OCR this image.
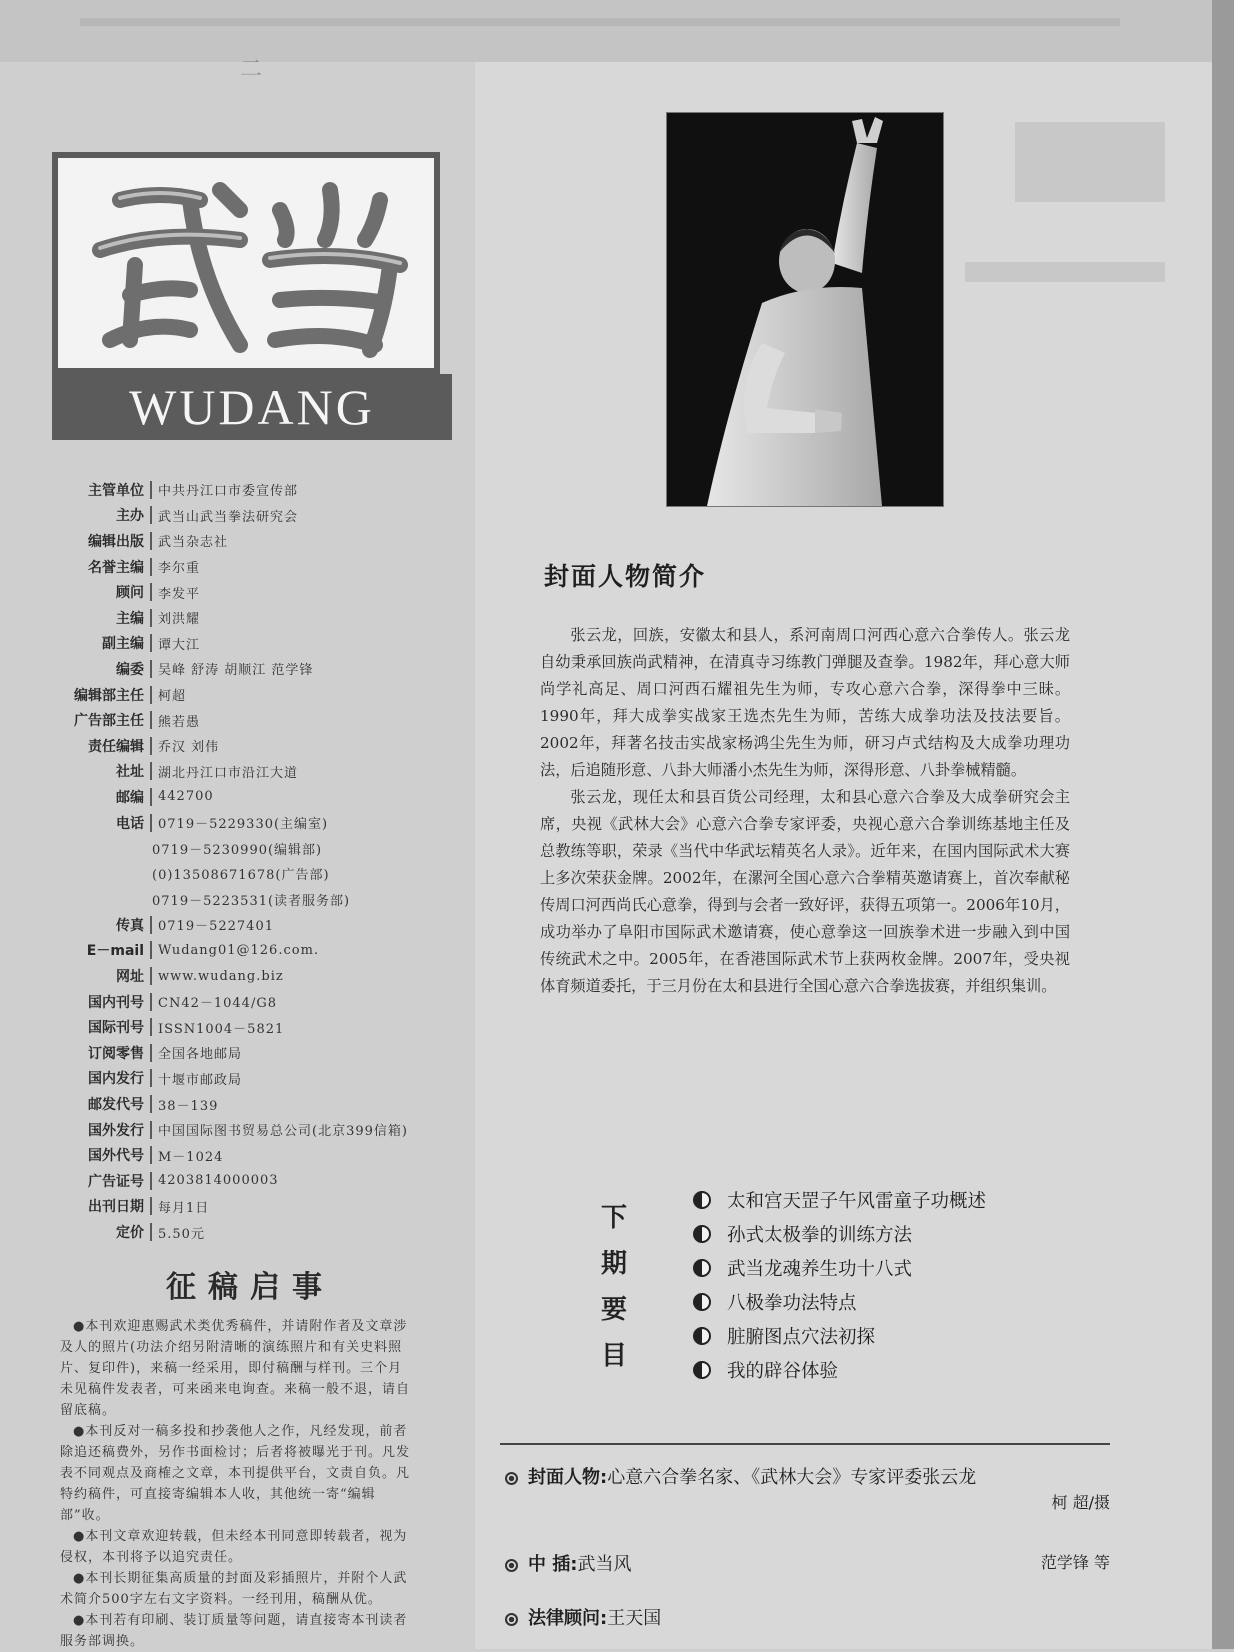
二
WUDANG
主管单位 中共丹江口市委宣传部
主办 武当山武当拳法研究会
编辑出版 武当杂志社
名誉主编 李尔重
顾问 李发平
主编 刘洪耀
副主编 谭大江
编委 吴峰 舒涛 胡顺江 范学锋
编辑部主任 柯超
广告部主任 熊若愚
责任编辑 乔汉 刘伟
社址 湖北丹江口市沿江大道
邮编 442700
电话 0719－5229330(主编室)
0719－5230990(编辑部)
(0)13508671678(广告部)
0719－5223531(读者服务部)
传真 0719－5227401
E－mail Wudang01@126.com.
网址 www.wudang.biz
国内刊号 CN42－1044/G8
国际刊号 ISSN1004－5821
订阅零售 全国各地邮局
国内发行 十堰市邮政局
邮发代号 38－139
国外发行 中国国际图书贸易总公司(北京399信箱)
国外代号 M－1024
广告证号 4203814000003
出刊日期 每月1日
定价 5.50元
征稿启事

●本刊欢迎惠赐武术类优秀稿件，并请附作者及文章涉及人的照片(功法介绍另附清晰的演练照片和有关史料照片、复印件)，来稿一经采用，即付稿酬与样刊。三个月未见稿件发表者，可来函来电询查。来稿一般不退，请自留底稿。

●本刊反对一稿多投和抄袭他人之作，凡经发现，前者除追还稿费外，另作书面检讨；后者将被曝光于刊。凡发表不同观点及商榷之文章，本刊提供平台，文责自负。凡特约稿件，可直接寄编辑本人收，其他统一寄“编辑部”收。

●本刊文章欢迎转载，但未经本刊同意即转载者，视为侵权，本刊将予以追究责任。

●本刊长期征集高质量的封面及彩插照片，并附个人武术简介500字左右文字资料。一经刊用，稿酬从优。

●本刊若有印刷、装订质量等问题，请直接寄本刊读者服务部调换。

封面人物简介

张云龙，回族，安徽太和县人，系河南周口河西心意六合拳传人。张云龙自幼秉承回族尚武精神，在清真寺习练教门弹腿及查拳。1982年，拜心意大师尚学礼高足、周口河西石耀祖先生为师，专攻心意六合拳，深得拳中三昧。1990年，拜大成拳实战家王选杰先生为师，苦练大成拳功法及技法要旨。2002年，拜著名技击实战家杨鸿尘先生为师，研习卢式结构及大成拳功理功法，后追随形意、八卦大师潘小杰先生为师，深得形意、八卦拳械精髓。

张云龙，现任太和县百货公司经理，太和县心意六合拳及大成拳研究会主席，央视《武林大会》心意六合拳专家评委，央视心意六合拳训练基地主任及总教练等职，荣录《当代中华武坛精英名人录》。近年来，在国内国际武术大赛上多次荣获金牌。2002年，在漯河全国心意六合拳精英邀请赛上，首次奉献秘传周口河西尚氏心意拳，得到与会者一致好评，获得五项第一。2006年10月，成功举办了阜阳市国际武术邀请赛，使心意拳这一回族拳术进一步融入到中国传统武术之中。2005年，在香港国际武术节上获两枚金牌。2007年，受央视体育频道委托，于三月份在太和县进行全国心意六合拳选拔赛，并组织集训。

下
期
要
目
太和宫天罡子午风雷童子功概述
孙式太极拳的训练方法
武当龙魂养生功十八式
八极拳功法特点
脏腑图点穴法初探
我的辟谷体验
封面人物:心意六合拳名家、《武林大会》专家评委张云龙
柯 超/摄
中 插:武当风	范学锋 等
法律顾问:王天国
